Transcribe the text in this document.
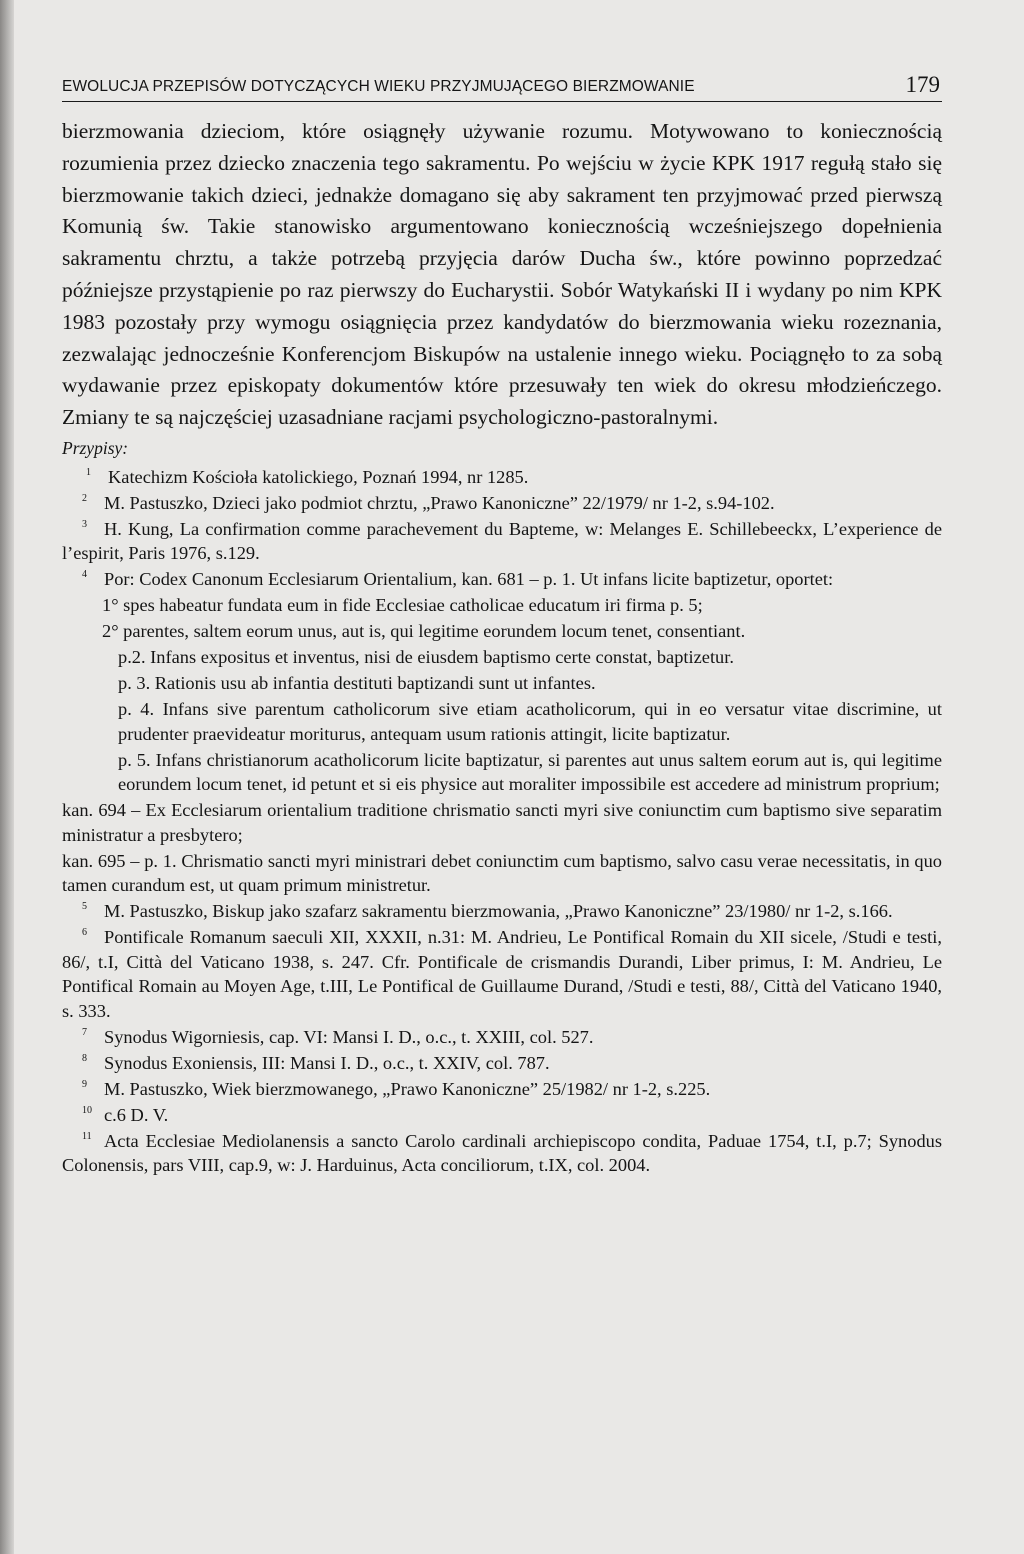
EWOLUCJA PRZEPISÓW DOTYCZĄCYCH WIEKU PRZYJMUJĄCEGO BIERZMOWANIE	179

bierzmowania dzieciom, które osiągnęły używanie rozumu. Motywowano to koniecznością rozumienia przez dziecko znaczenia tego sakramentu. Po wejściu w życie KPK 1917 regułą stało się bierzmowanie takich dzieci, jednakże domagano się aby sakrament ten przyjmować przed pierwszą Komunią św. Takie stanowisko argumentowano koniecznością wcześniejszego dopełnienia sakramentu chrztu, a także potrzebą przyjęcia darów Ducha św., które powinno poprzedzać późniejsze przystąpienie po raz pierwszy do Eucharystii. Sobór Watykański II i wydany po nim KPK 1983 pozostały przy wymogu osiągnięcia przez kandydatów do bierzmowania wieku rozeznania, zezwalając jednocześnie Konferencjom Biskupów na ustalenie innego wieku. Pociągnęło to za sobą wydawanie przez episkopaty dokumentów które przesuwały ten wiek do okresu młodzieńczego. Zmiany te są najczęściej uzasadniane racjami psychologiczno-pastoralnymi.

Przypisy:
1 Katechizm Kościoła katolickiego, Poznań 1994, nr 1285.
2 M. Pastuszko, Dzieci jako podmiot chrztu, „Prawo Kanoniczne” 22/1979/ nr 1-2, s.94-102.
3 H. Kung, La confirmation comme parachevement du Bapteme, w: Melanges E. Schillebeeckx, L’experience de l’espirit, Paris 1976, s.129.
4 Por: Codex Canonum Ecclesiarum Orientalium, kan. 681 – p. 1. Ut infans licite baptizetur, oportet:
1° spes habeatur fundata eum in fide Ecclesiae catholicae educatum iri firma p. 5;
2° parentes, saltem eorum unus, aut is, qui legitime eorundem locum tenet, consentiant.
p.2. Infans expositus et inventus, nisi de eiusdem baptismo certe constat, baptizetur.
p. 3. Rationis usu ab infantia destituti baptizandi sunt ut infantes.
p. 4. Infans sive parentum catholicorum sive etiam acatholicorum, qui in eo versatur vitae discrimine, ut prudenter praevideatur moriturus, antequam usum rationis attingit, licite baptizatur.
p. 5. Infans christianorum acatholicorum licite baptizatur, si parentes aut unus saltem eorum aut is, qui legitime eorundem locum tenet, id petunt et si eis physice aut moraliter impossibile est accedere ad ministrum proprium;
kan. 694 – Ex Ecclesiarum orientalium traditione chrismatio sancti myri sive coniunctim cum baptismo sive separatim ministratur a presbytero;
kan. 695 – p. 1. Chrismatio sancti myri ministrari debet coniunctim cum baptismo, salvo casu verae necessitatis, in quo tamen curandum est, ut quam primum ministretur.
5 M. Pastuszko, Biskup jako szafarz sakramentu bierzmowania, „Prawo Kanoniczne” 23/1980/ nr 1-2, s.166.
6 Pontificale Romanum saeculi XII, XXXII, n.31: M. Andrieu, Le Pontifical Romain du XII sicele, /Studi e testi, 86/, t.I, Città del Vaticano 1938, s. 247. Cfr. Pontificale de crismandis Durandi, Liber primus, I: M. Andrieu, Le Pontifical Romain au Moyen Age, t.III, Le Pontifical de Guillaume Durand, /Studi e testi, 88/, Città del Vaticano 1940, s. 333.
7 Synodus Wigorniesis, cap. VI: Mansi I. D., o.c., t. XXIII, col. 527.
8 Synodus Exoniensis, III: Mansi I. D., o.c., t. XXIV, col. 787.
9 M. Pastuszko, Wiek bierzmowanego, „Prawo Kanoniczne” 25/1982/ nr 1-2, s.225.
10 c.6 D. V.
11 Acta Ecclesiae Mediolanensis a sancto Carolo cardinali archiepiscopo condita, Paduae 1754, t.I, p.7; Synodus Colonensis, pars VIII, cap.9, w: J. Harduinus, Acta conciliorum, t.IX, col. 2004.
